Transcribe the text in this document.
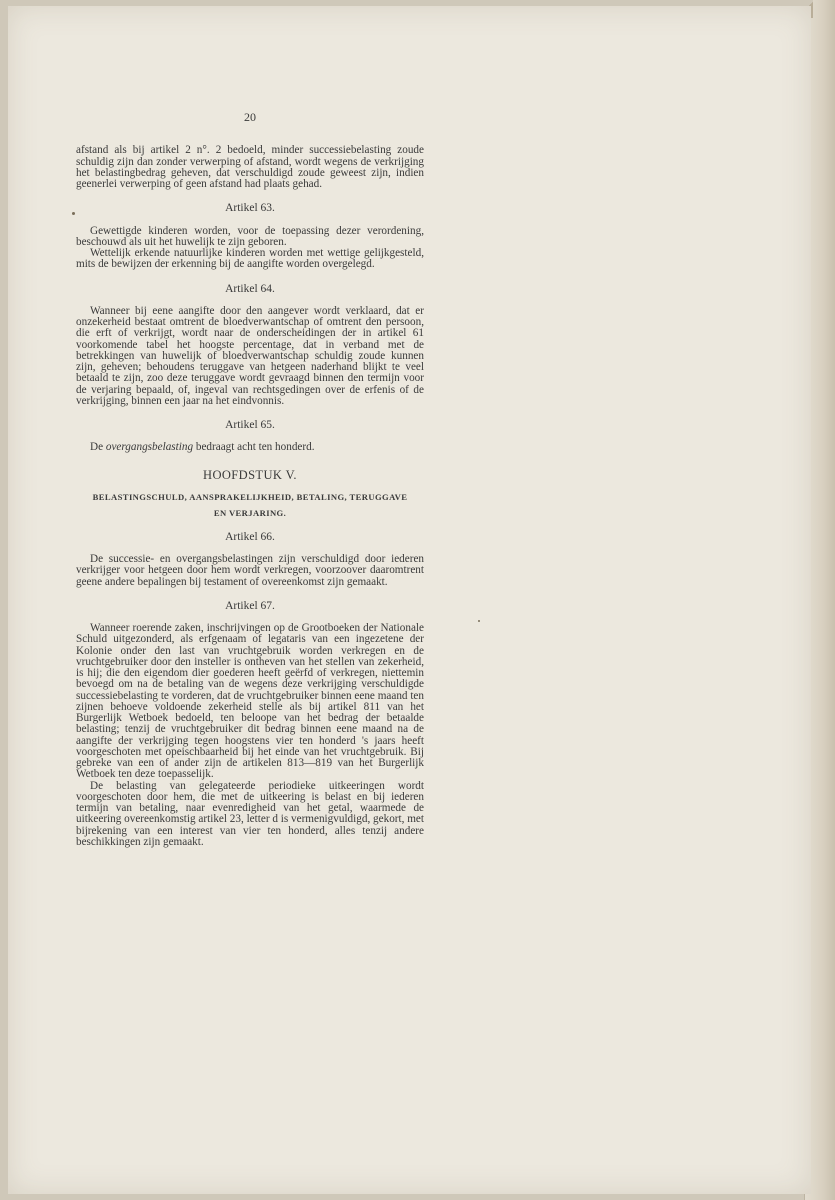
20

afstand als bij artikel 2 n°. 2 bedoeld, minder successiebelasting zoude schuldig zijn dan zonder verwerping of afstand, wordt wegens de verkrijging het belastingbedrag geheven, dat verschuldigd zoude geweest zijn, indien geenerlei verwerping of geen afstand had plaats gehad.

Artikel 63.

Gewettigde kinderen worden, voor de toepassing dezer verordening, beschouwd als uit het huwelijk te zijn geboren.

Wettelijk erkende natuurlijke kinderen worden met wettige gelijkgesteld, mits de bewijzen der erkenning bij de aangifte worden overgelegd.

Artikel 64.

Wanneer bij eene aangifte door den aangever wordt verklaard, dat er onzekerheid bestaat omtrent de bloedverwantschap of omtrent den persoon, die erft of verkrijgt, wordt naar de onderscheidingen der in artikel 61 voorkomende tabel het hoogste percentage, dat in verband met de betrekkingen van huwelijk of bloedverwantschap schuldig zoude kunnen zijn, geheven; behoudens teruggave van hetgeen naderhand blijkt te veel betaald te zijn, zoo deze teruggave wordt gevraagd binnen den termijn voor de verjaring bepaald, of, ingeval van rechtsgedingen over de erfenis of de verkrijging, binnen een jaar na het eindvonnis.

Artikel 65.

De overgangsbelasting bedraagt acht ten honderd.

HOOFDSTUK V.
BELASTINGSCHULD, AANSPRAKELIJKHEID, BETALING, TERUGGAVE
EN VERJARING.
Artikel 66.

De successie- en overgangsbelastingen zijn verschuldigd door iederen verkrijger voor hetgeen door hem wordt verkregen, voorzoover daaromtrent geene andere bepalingen bij testament of overeenkomst zijn gemaakt.

Artikel 67.

Wanneer roerende zaken, inschrijvingen op de Grootboeken der Nationale Schuld uitgezonderd, als erfgenaam of legataris van een ingezetene der Kolonie onder den last van vruchtgebruik worden verkregen en de vruchtgebruiker door den insteller is ontheven van het stellen van zekerheid, is hij; die den eigendom dier goederen heeft geërfd of verkregen, niettemin bevoegd om na de betaling van de wegens deze verkrijging verschuldigde successiebelasting te vorderen, dat de vruchtgebruiker binnen eene maand ten zijnen behoeve voldoende zekerheid stelle als bij artikel 811 van het Burgerlijk Wetboek bedoeld, ten beloope van het bedrag der betaalde belasting; tenzij de vruchtgebruiker dit bedrag binnen eene maand na de aangifte der verkrijging tegen hoogstens vier ten honderd 's jaars heeft voorgeschoten met opeischbaarheid bij het einde van het vruchtgebruik. Bij gebreke van een of ander zijn de artikelen 813—819 van het Burgerlijk Wetboek ten deze toepasselijk.

De belasting van gelegateerde periodieke uitkeeringen wordt voorgeschoten door hem, die met de uitkeering is belast en bij iederen termijn van betaling, naar evenredigheid van het getal, waarmede de uitkeering overeenkomstig artikel 23, letter d is vermenigvuldigd, gekort, met bijrekening van een interest van vier ten honderd, alles tenzij andere beschikkingen zijn gemaakt.
